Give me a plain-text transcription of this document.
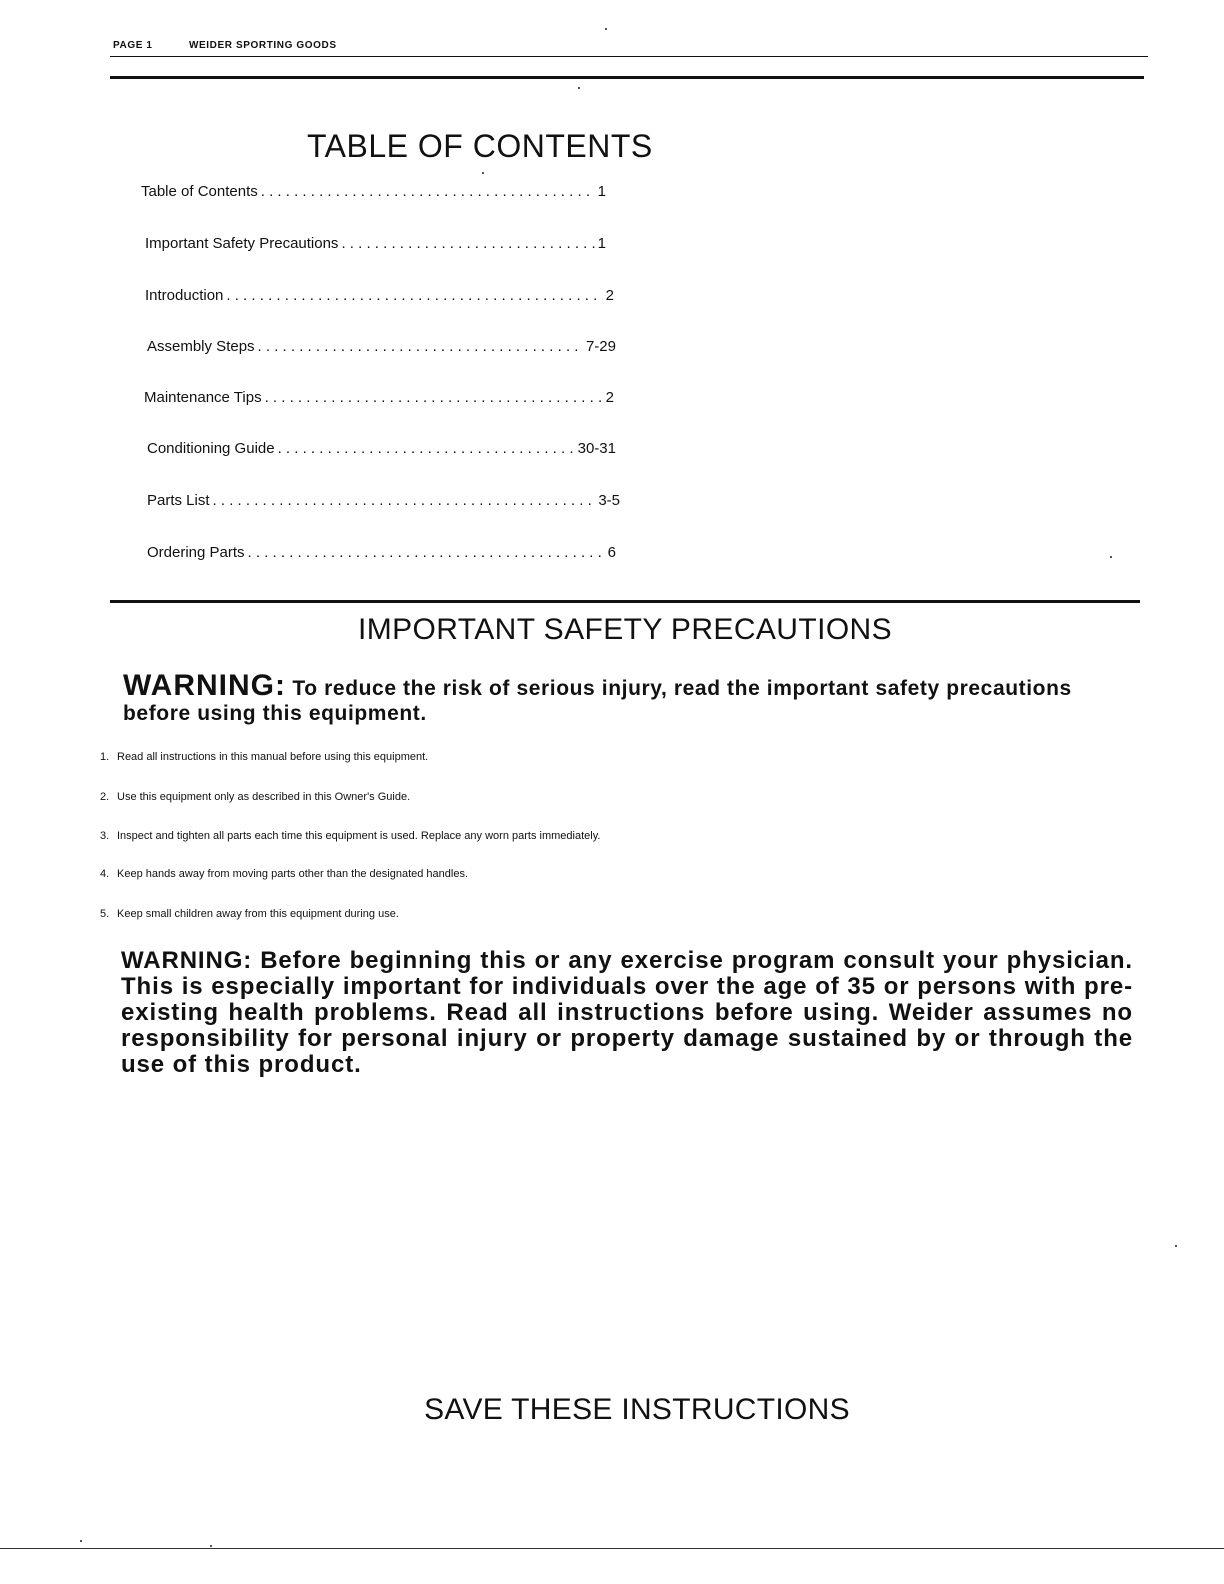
PAGE 1	WEIDER SPORTING GOODS
TABLE OF CONTENTS
Table of Contents . . .	1
Important Safety Precautions . . .	1
Introduction . . .	2
Assembly Steps . . .	7-29
Maintenance Tips . . .	2
Conditioning Guide . . .	30-31
Parts List . . .	3-5
Ordering Parts . . .	6
IMPORTANT SAFETY PRECAUTIONS
WARNING: To reduce the risk of serious injury, read the important safety precautions before using this equipment.
1. Read all instructions in this manual before using this equipment.
2. Use this equipment only as described in this Owner's Guide.
3. Inspect and tighten all parts each time this equipment is used. Replace any worn parts immediately.
4. Keep hands away from moving parts other than the designated handles.
5. Keep small children away from this equipment during use.
WARNING: Before beginning this or any exercise program consult your physician. This is especially important for individuals over the age of 35 or persons with pre-existing health problems. Read all instructions before using. Weider assumes no responsibility for personal injury or property damage sustained by or through the use of this product.
SAVE THESE INSTRUCTIONS
